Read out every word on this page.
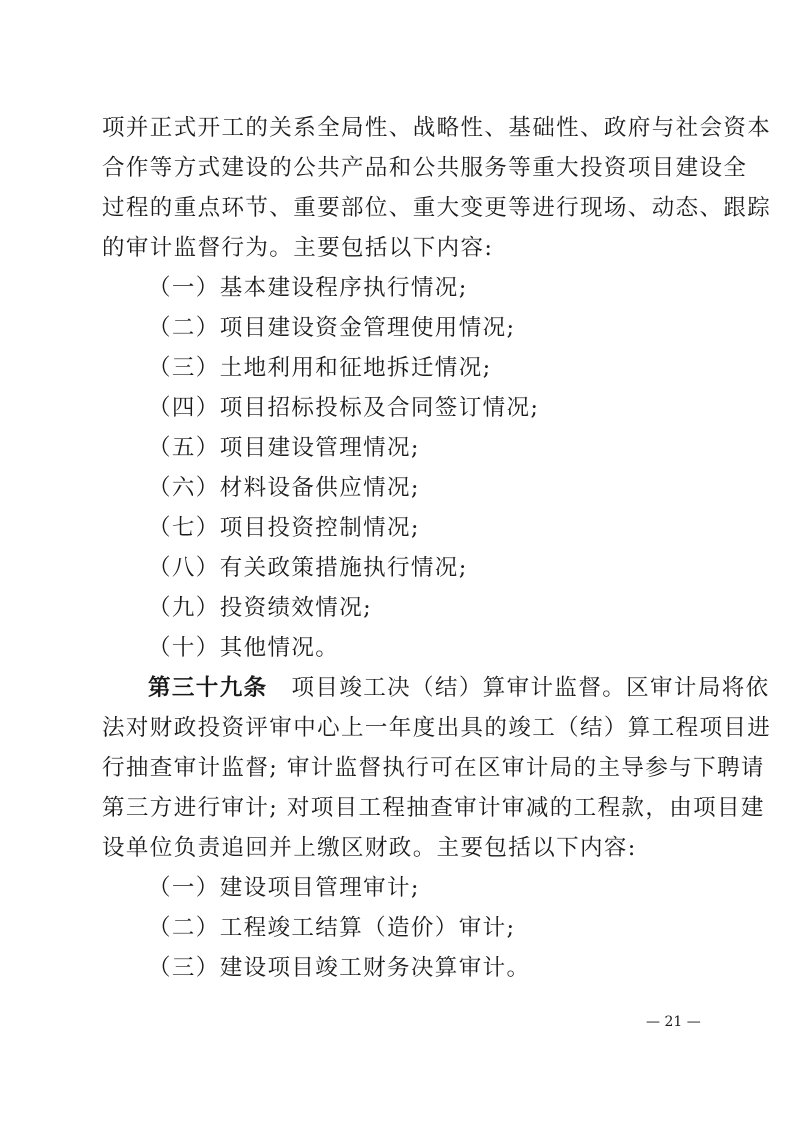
项并正式开工的关系全局性、战略性、基础性、政府与社会资本
合作等方式建设的公共产品和公共服务等重大投资项目建设全
过程的重点环节、重要部位、重大变更等进行现场、动态、跟踪
的审计监督行为。主要包括以下内容:
（一）基本建设程序执行情况;
（二）项目建设资金管理使用情况;
（三）土地利用和征地拆迁情况;
（四）项目招标投标及合同签订情况;
（五）项目建设管理情况;
（六）材料设备供应情况;
（七）项目投资控制情况;
（八）有关政策措施执行情况;
（九）投资绩效情况;
（十）其他情况。
第三十九条 项目竣工决（结）算审计监督。区审计局将依
法对财政投资评审中心上一年度出具的竣工（结）算工程项目进
行抽查审计监督; 审计监督执行可在区审计局的主导参与下聘请
第三方进行审计; 对项目工程抽查审计审减的工程款，由项目建
设单位负责追回并上缴区财政。主要包括以下内容:
（一）建设项目管理审计;
（二）工程竣工结算（造价）审计;
（三）建设项目竣工财务决算审计。
— 21 —
